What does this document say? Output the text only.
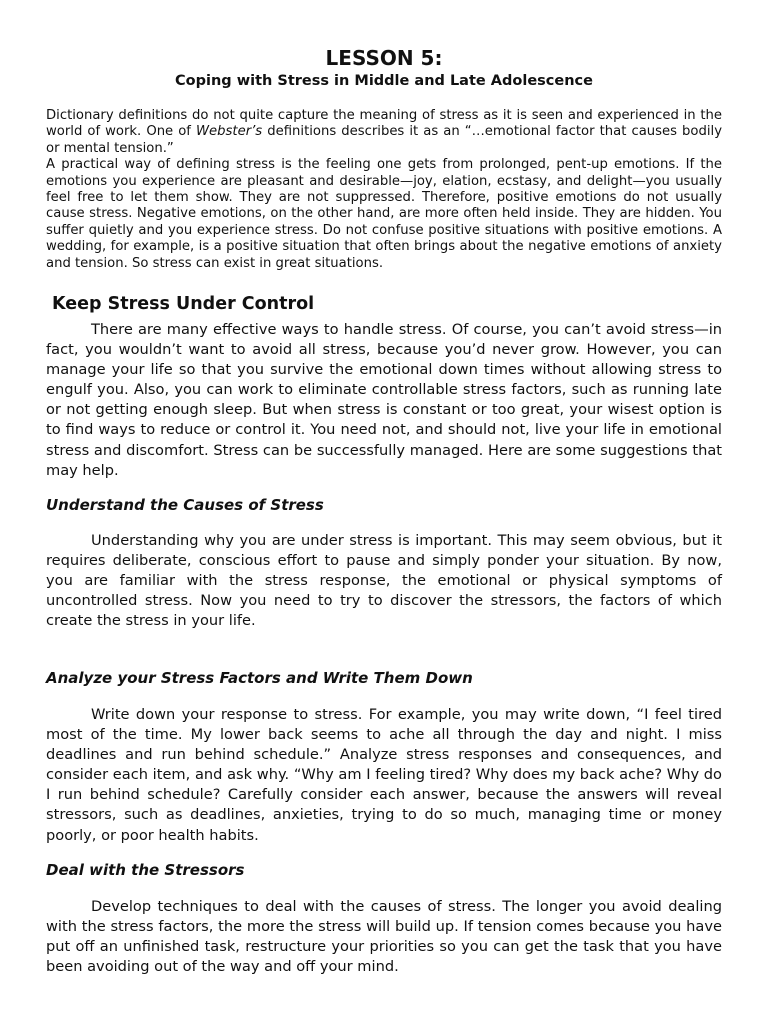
LESSON 5:
Coping with Stress in Middle and Late Adolescence

Dictionary definitions do not quite capture the meaning of stress as it is seen and experienced in the world of work. One of Webster’s definitions describes it as an “…emotional factor that causes bodily or mental tension.”

A practical way of defining stress is the feeling one gets from prolonged, pent-up emotions. If the emotions you experience are pleasant and desirable—joy, elation, ecstasy, and delight—you usually feel free to let them show. They are not suppressed. Therefore, positive emotions do not usually cause stress. Negative emotions, on the other hand, are more often held inside. They are hidden. You suffer quietly and you experience stress. Do not confuse positive situations with positive emotions. A wedding, for example, is a positive situation that often brings about the negative emotions of anxiety and tension. So stress can exist in great situations.

Keep Stress Under Control

There are many effective ways to handle stress. Of course, you can’t avoid stress—in fact, you wouldn’t want to avoid all stress, because you’d never grow. However, you can manage your life so that you survive the emotional down times without allowing stress to engulf you. Also, you can work to eliminate controllable stress factors, such as running late or not getting enough sleep. But when stress is constant or too great, your wisest option is to find ways to reduce or control it. You need not, and should not, live your life in emotional stress and discomfort. Stress can be successfully managed. Here are some suggestions that may help.

Understand the Causes of Stress

Understanding why you are under stress is important. This may seem obvious, but it requires deliberate, conscious effort to pause and simply ponder your situation. By now, you are familiar with the stress response, the emotional or physical symptoms of uncontrolled stress. Now you need to try to discover the stressors, the factors of which create the stress in your life.

Analyze your Stress Factors and Write Them Down

Write down your response to stress. For example, you may write down, “I feel tired most of the time. My lower back seems to ache all through the day and night. I miss deadlines and run behind schedule.” Analyze stress responses and consequences, and consider each item, and ask why. “Why am I feeling tired? Why does my back ache? Why do I run behind schedule? Carefully consider each answer, because the answers will reveal stressors, such as deadlines, anxieties, trying to do so much, managing time or money poorly, or poor health habits.

Deal with the Stressors

Develop techniques to deal with the causes of stress. The longer you avoid dealing with the stress factors, the more the stress will build up. If tension comes because you have put off an unfinished task, restructure your priorities so you can get the task that you have been avoiding out of the way and off your mind.
